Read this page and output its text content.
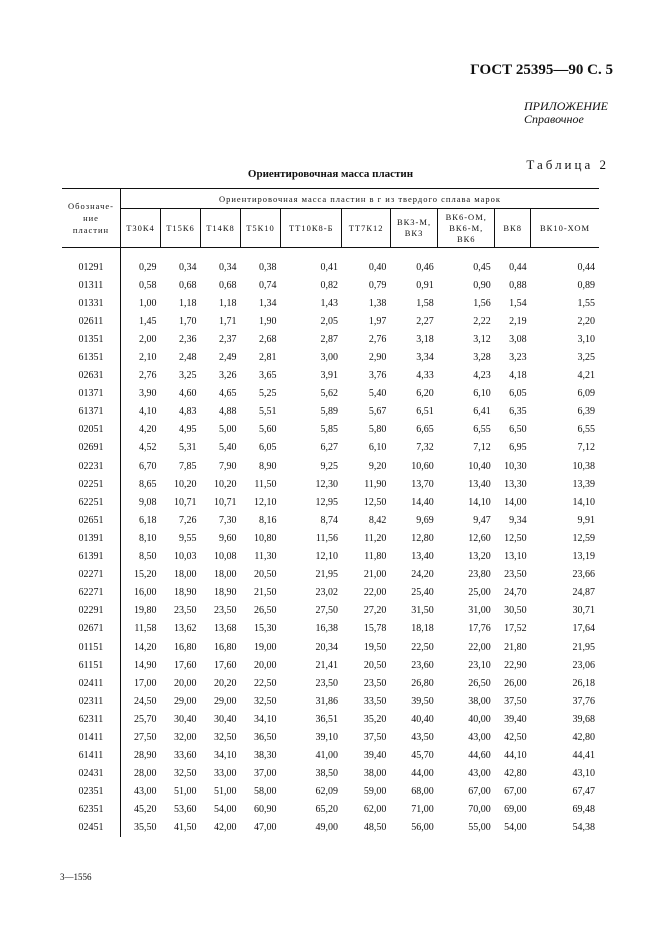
ГОСТ 25395—90 С. 5
ПРИЛОЖЕНИЕ
Справочное
Таблица 2
Ориентировочная масса пластин
Обозначе-
ние
пластин	Ориентировочная масса пластин в г из твердого сплава марок									
	Т30К4	Т15К6	Т14К8	Т5К10	ТТ10К8-Б	ТТ7К12	ВК3-М,
ВК3	ВК6-ОМ,
ВК6-М,
ВК6	ВК8	ВК10-ХОМ
01291	0,29	0,34	0,34	0,38	0,41	0,40	0,46	0,45	0,44	0,44
01311	0,58	0,68	0,68	0,74	0,82	0,79	0,91	0,90	0,88	0,89
01331	1,00	1,18	1,18	1,34	1,43	1,38	1,58	1,56	1,54	1,55
02611	1,45	1,70	1,71	1,90	2,05	1,97	2,27	2,22	2,19	2,20
01351	2,00	2,36	2,37	2,68	2,87	2,76	3,18	3,12	3,08	3,10
61351	2,10	2,48	2,49	2,81	3,00	2,90	3,34	3,28	3,23	3,25
02631	2,76	3,25	3,26	3,65	3,91	3,76	4,33	4,23	4,18	4,21
01371	3,90	4,60	4,65	5,25	5,62	5,40	6,20	6,10	6,05	6,09
61371	4,10	4,83	4,88	5,51	5,89	5,67	6,51	6,41	6,35	6,39
02051	4,20	4,95	5,00	5,60	5,85	5,80	6,65	6,55	6,50	6,55
02691	4,52	5,31	5,40	6,05	6,27	6,10	7,32	7,12	6,95	7,12
02231	6,70	7,85	7,90	8,90	9,25	9,20	10,60	10,40	10,30	10,38
02251	8,65	10,20	10,20	11,50	12,30	11,90	13,70	13,40	13,30	13,39
62251	9,08	10,71	10,71	12,10	12,95	12,50	14,40	14,10	14,00	14,10
02651	6,18	7,26	7,30	8,16	8,74	8,42	9,69	9,47	9,34	9,91
01391	8,10	9,55	9,60	10,80	11,56	11,20	12,80	12,60	12,50	12,59
61391	8,50	10,03	10,08	11,30	12,10	11,80	13,40	13,20	13,10	13,19
02271	15,20	18,00	18,00	20,50	21,95	21,00	24,20	23,80	23,50	23,66
62271	16,00	18,90	18,90	21,50	23,02	22,00	25,40	25,00	24,70	24,87
02291	19,80	23,50	23,50	26,50	27,50	27,20	31,50	31,00	30,50	30,71
02671	11,58	13,62	13,68	15,30	16,38	15,78	18,18	17,76	17,52	17,64
01151	14,20	16,80	16,80	19,00	20,34	19,50	22,50	22,00	21,80	21,95
61151	14,90	17,60	17,60	20,00	21,41	20,50	23,60	23,10	22,90	23,06
02411	17,00	20,00	20,20	22,50	23,50	23,50	26,80	26,50	26,00	26,18
02311	24,50	29,00	29,00	32,50	31,86	33,50	39,50	38,00	37,50	37,76
62311	25,70	30,40	30,40	34,10	36,51	35,20	40,40	40,00	39,40	39,68
01411	27,50	32,00	32,50	36,50	39,10	37,50	43,50	43,00	42,50	42,80
61411	28,90	33,60	34,10	38,30	41,00	39,40	45,70	44,60	44,10	44,41
02431	28,00	32,50	33,00	37,00	38,50	38,00	44,00	43,00	42,80	43,10
02351	43,00	51,00	51,00	58,00	62,09	59,00	68,00	67,00	67,00	67,47
62351	45,20	53,60	54,00	60,90	65,20	62,00	71,00	70,00	69,00	69,48
02451	35,50	41,50	42,00	47,00	49,00	48,50	56,00	55,00	54,00	54,38
3—1556
